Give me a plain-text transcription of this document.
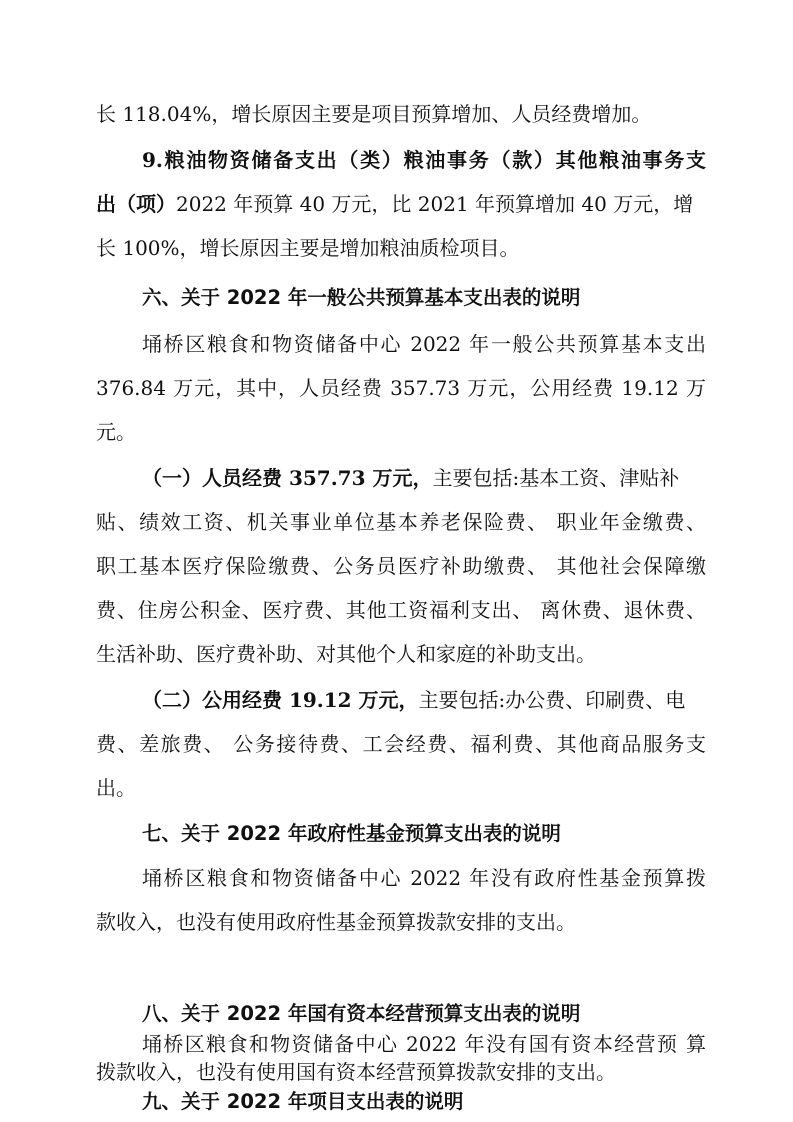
长 118.04%，增长原因主要是项目预算增加、人员经费增加。
9.粮油物资储备支出（类）粮油事务（款）其他粮油事务支
出（项）2022 年预算 40 万元，比 2021 年预算增加 40 万元，增
长 100%，增长原因主要是增加粮油质检项目。
六、关于 2022 年一般公共预算基本支出表的说明
埇桥区粮食和物资储备中心 2022 年一般公共预算基本支出
376.84 万元，其中，人员经费 357.73 万元，公用经费 19.12 万
元。
（一）人员经费 357.73 万元，主要包括:基本工资、津贴补
贴、绩效工资、机关事业单位基本养老保险费、 职业年金缴费、
职工基本医疗保险缴费、公务员医疗补助缴费、 其他社会保障缴
费、住房公积金、医疗费、其他工资福利支出、 离休费、退休费、
生活补助、医疗费补助、对其他个人和家庭的补助支出。
（二）公用经费 19.12 万元，主要包括:办公费、印刷费、电
费、差旅费、 公务接待费、工会经费、福利费、其他商品服务支
出。
七、关于 2022 年政府性基金预算支出表的说明
埇桥区粮食和物资储备中心 2022 年没有政府性基金预算拨
款收入，也没有使用政府性基金预算拨款安排的支出。
八、关于 2022 年国有资本经营预算支出表的说明
埇桥区粮食和物资储备中心 2022 年没有国有资本经营预 算
拨款收入，也没有使用国有资本经营预算拨款安排的支出。
九、关于 2022 年项目支出表的说明
